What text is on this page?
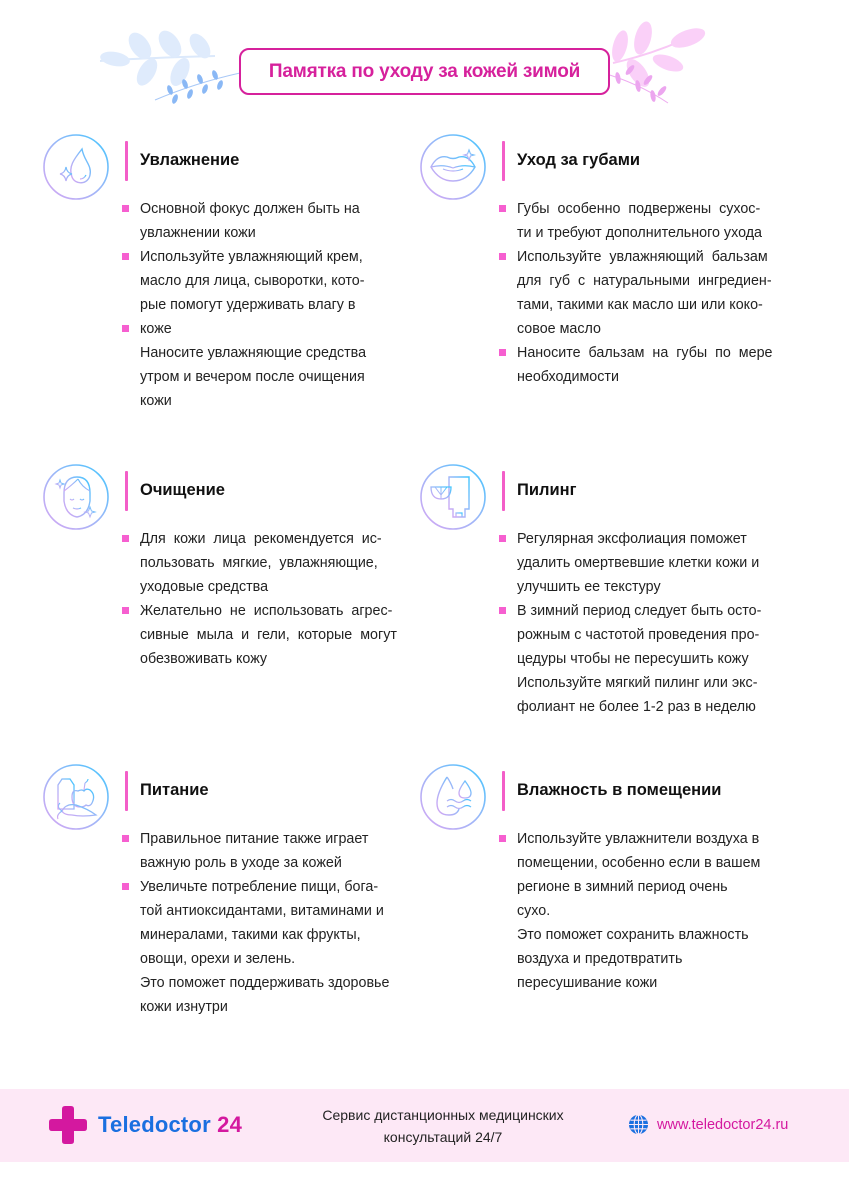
Памятка по уходу за кожей зимой
Увлажнение
Основной фокус должен быть на
увлажнении кожи
Используйте увлажняющий крем,
масло для лица, сыворотки, кото-
рые помогут удерживать влагу в
коже
Наносите увлажняющие средства
утром и вечером после очищения
кожи
Уход за губами
Губы  особенно  подвержены  сухос-
ти и требуют дополнительного ухода
Используйте  увлажняющий  бальзам
для  губ  с  натуральными  ингредиен-
тами, такими как масло ши или коко-
совое масло
Наносите  бальзам  на  губы  по  мере
необходимости
Очищение
Для  кожи  лица  рекомендуется  ис-
пользовать  мягкие,  увлажняющие,
уходовые средства
Желательно  не  использовать  агрес-
сивные  мыла  и  гели,  которые  могут
обезвоживать кожу
Пилинг
Регулярная эксфолиация поможет
удалить омертвевшие клетки кожи и
улучшить ее текстуру
В зимний период следует быть осто-
рожным с частотой проведения про-
цедуры чтобы не пересушить кожу
Используйте мягкий пилинг или экс-
фолиант не более 1-2 раз в неделю
Питание
Правильное питание также играет
важную роль в уходе за кожей
Увеличьте потребление пищи, бога-
той антиоксидантами, витаминами и
минералами, такими как фрукты,
овощи, орехи и зелень.
Это поможет поддерживать здоровье
кожи изнутри
Влажность в помещении
Используйте увлажнители воздуха в
помещении, особенно если в вашем
регионе в зимний период очень
сухо.
Это поможет сохранить влажность
воздуха и предотвратить
пересушивание кожи
Teledoctor 24	Сервис дистанционных медицинских
консультаций 24/7
www.teledoctor24.ru
